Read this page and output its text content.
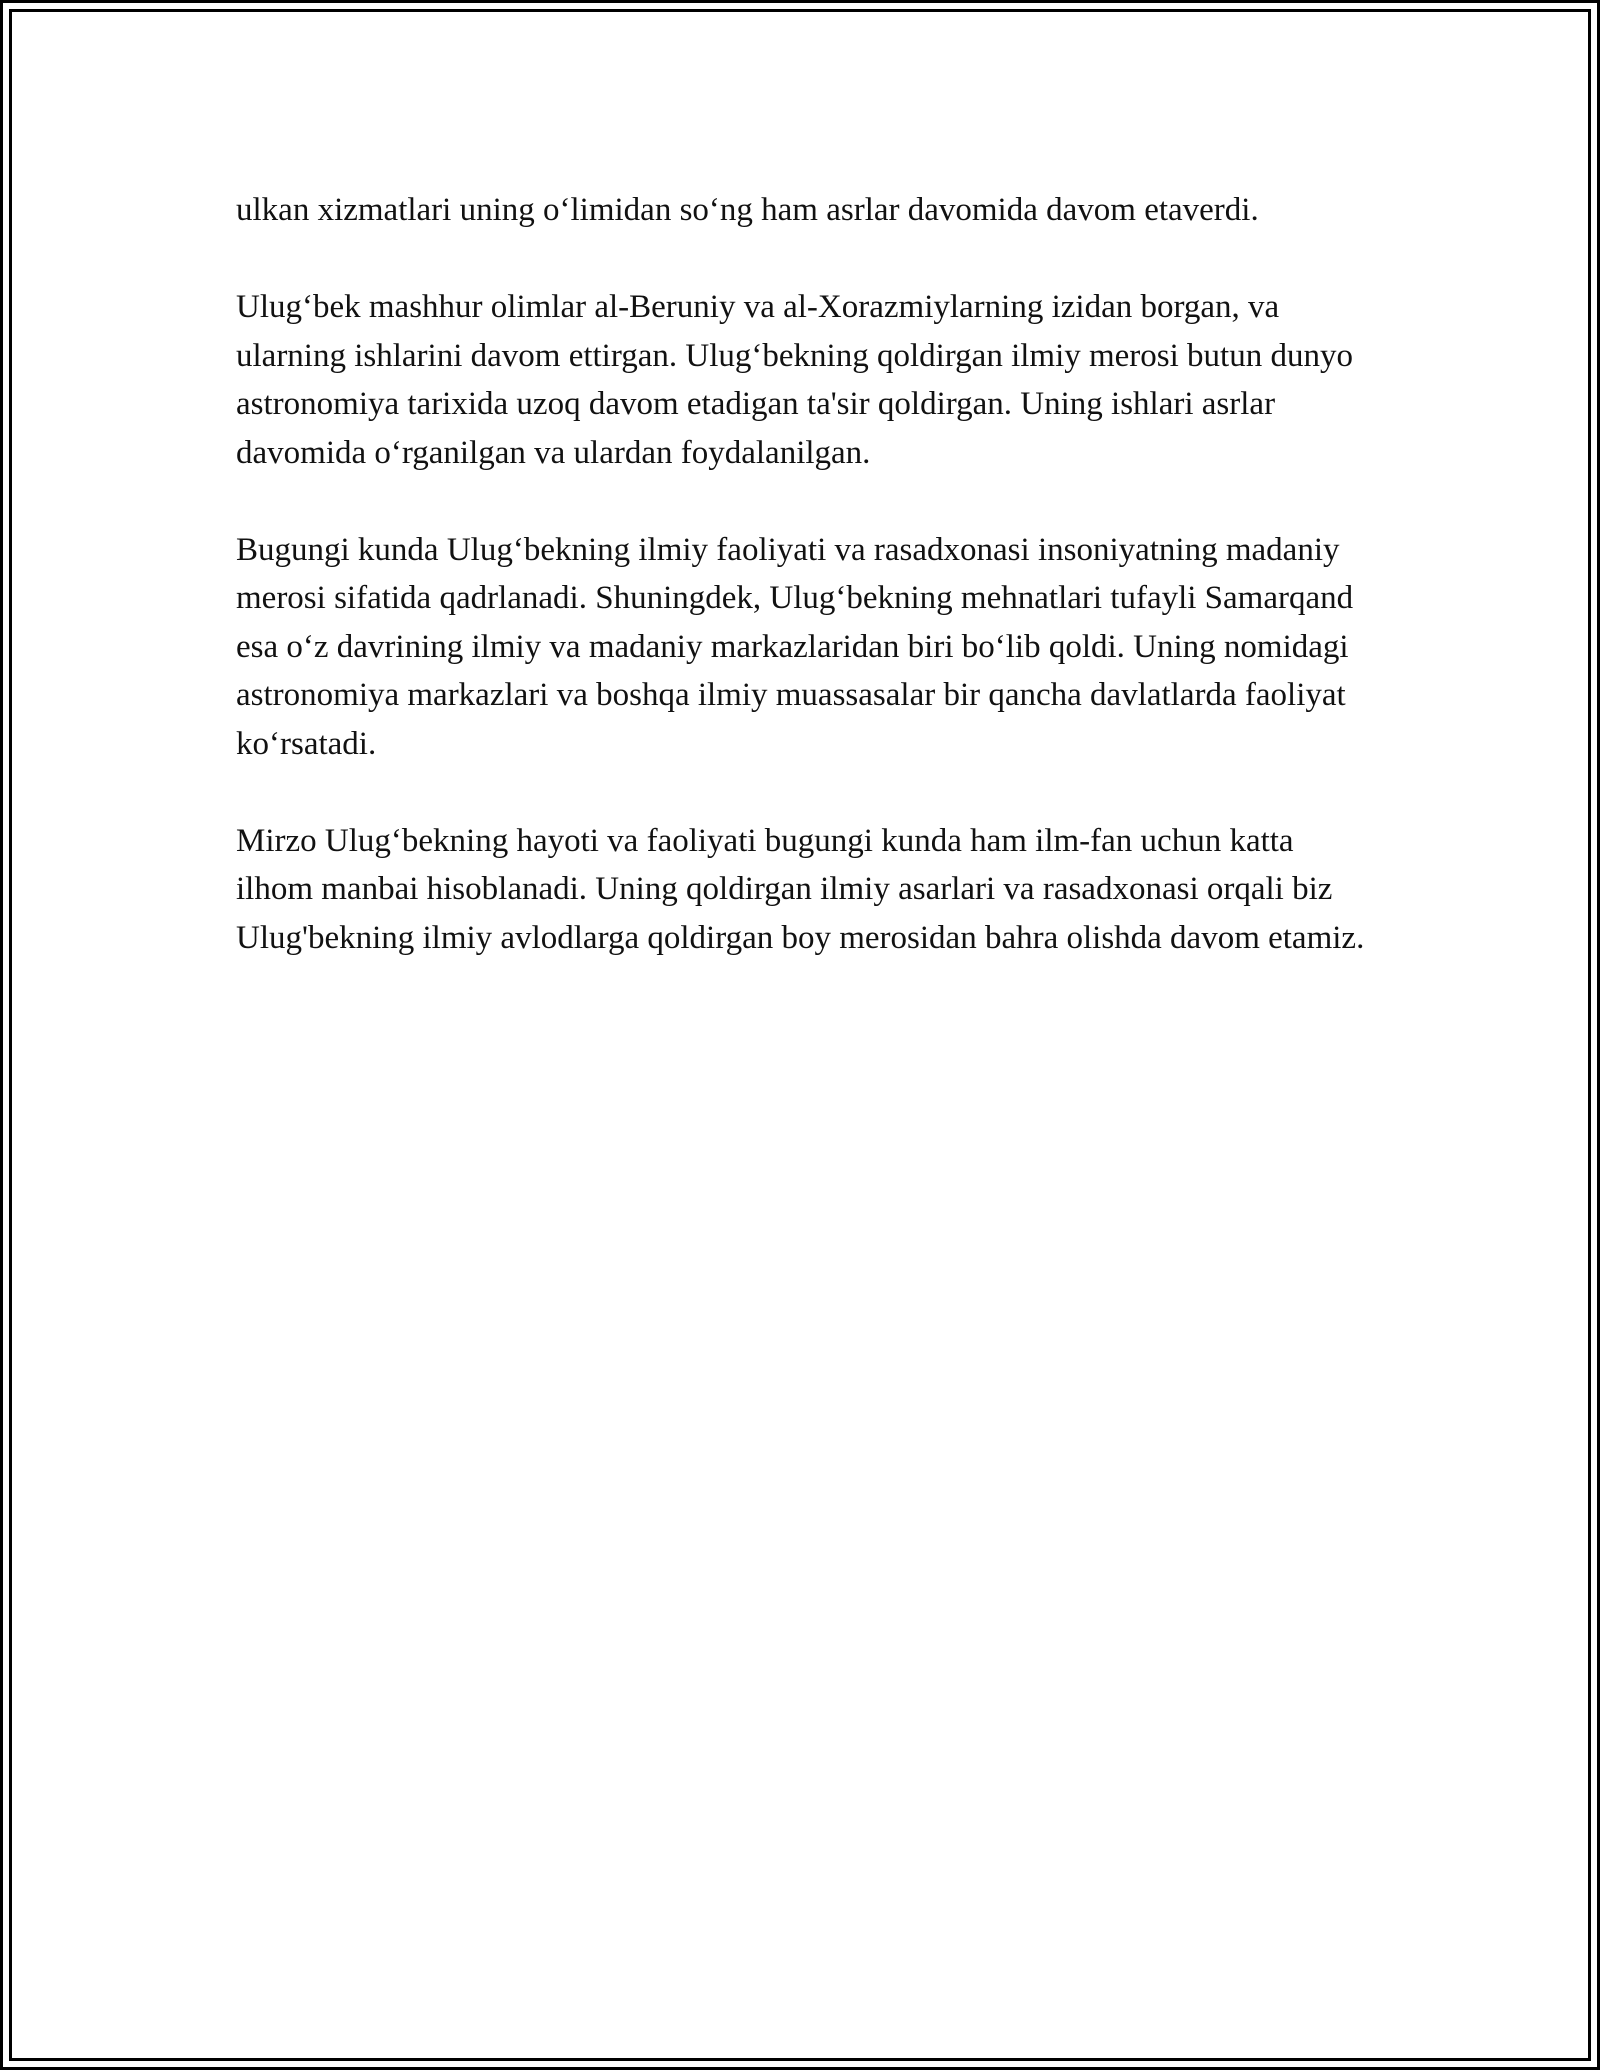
ulkan xizmatlari uning o‘limidan so‘ng ham asrlar davomida davom etaverdi.

Ulug‘bek mashhur olimlar al-Beruniy va al-Xorazmiylarning izidan borgan, va ularning ishlarini davom ettirgan. Ulug‘bekning qoldirgan ilmiy merosi butun dunyo astronomiya tarixida uzoq davom etadigan ta'sir qoldirgan. Uning ishlari asrlar davomida o‘rganilgan va ulardan foydalanilgan.

Bugungi kunda Ulug‘bekning ilmiy faoliyati va rasadxonasi insoniyatning madaniy merosi sifatida qadrlanadi. Shuningdek, Ulug‘bekning mehnatlari tufayli Samarqand esa o‘z davrining ilmiy va madaniy markazlaridan biri bo‘lib qoldi. Uning nomidagi astronomiya markazlari va boshqa ilmiy muassasalar bir qancha davlatlarda faoliyat ko‘rsatadi.

Mirzo Ulug‘bekning hayoti va faoliyati bugungi kunda ham ilm-fan uchun katta ilhom manbai hisoblanadi. Uning qoldirgan ilmiy asarlari va rasadxonasi orqali biz Ulug'bekning ilmiy avlodlarga qoldirgan boy merosidan bahra olishda davom etamiz.
